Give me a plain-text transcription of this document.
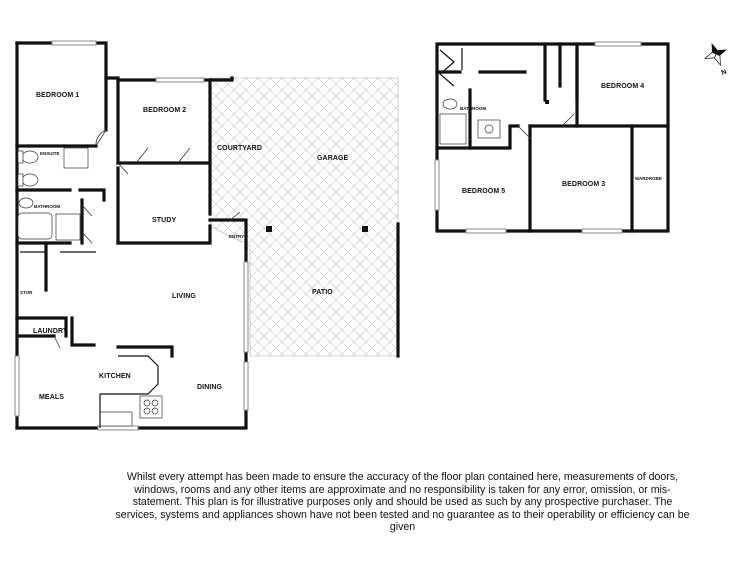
BEDROOM 1
BEDROOM 2
ENSUITE
COURTYARD
GARAGE
BATHROOM
STUDY
ENTRY
STOR
LIVING
PATIO
LAUNDRY
KITCHEN
MEALS
DINING
BEDROOM 4
BATHROOM
BEDROOM 5
BEDROOM 3
WARDROBE
N
Whilst every attempt has been made to ensure the accuracy of the floor plan contained here, measurements of doors, windows, rooms and any other items are approximate and no responsibility is taken for any error, omission, or mis-statement. This plan is for illustrative purposes only and should be used as such by any prospective purchaser. The services, systems and appliances shown have not been tested and no guarantee as to their operability or efficiency can be given
